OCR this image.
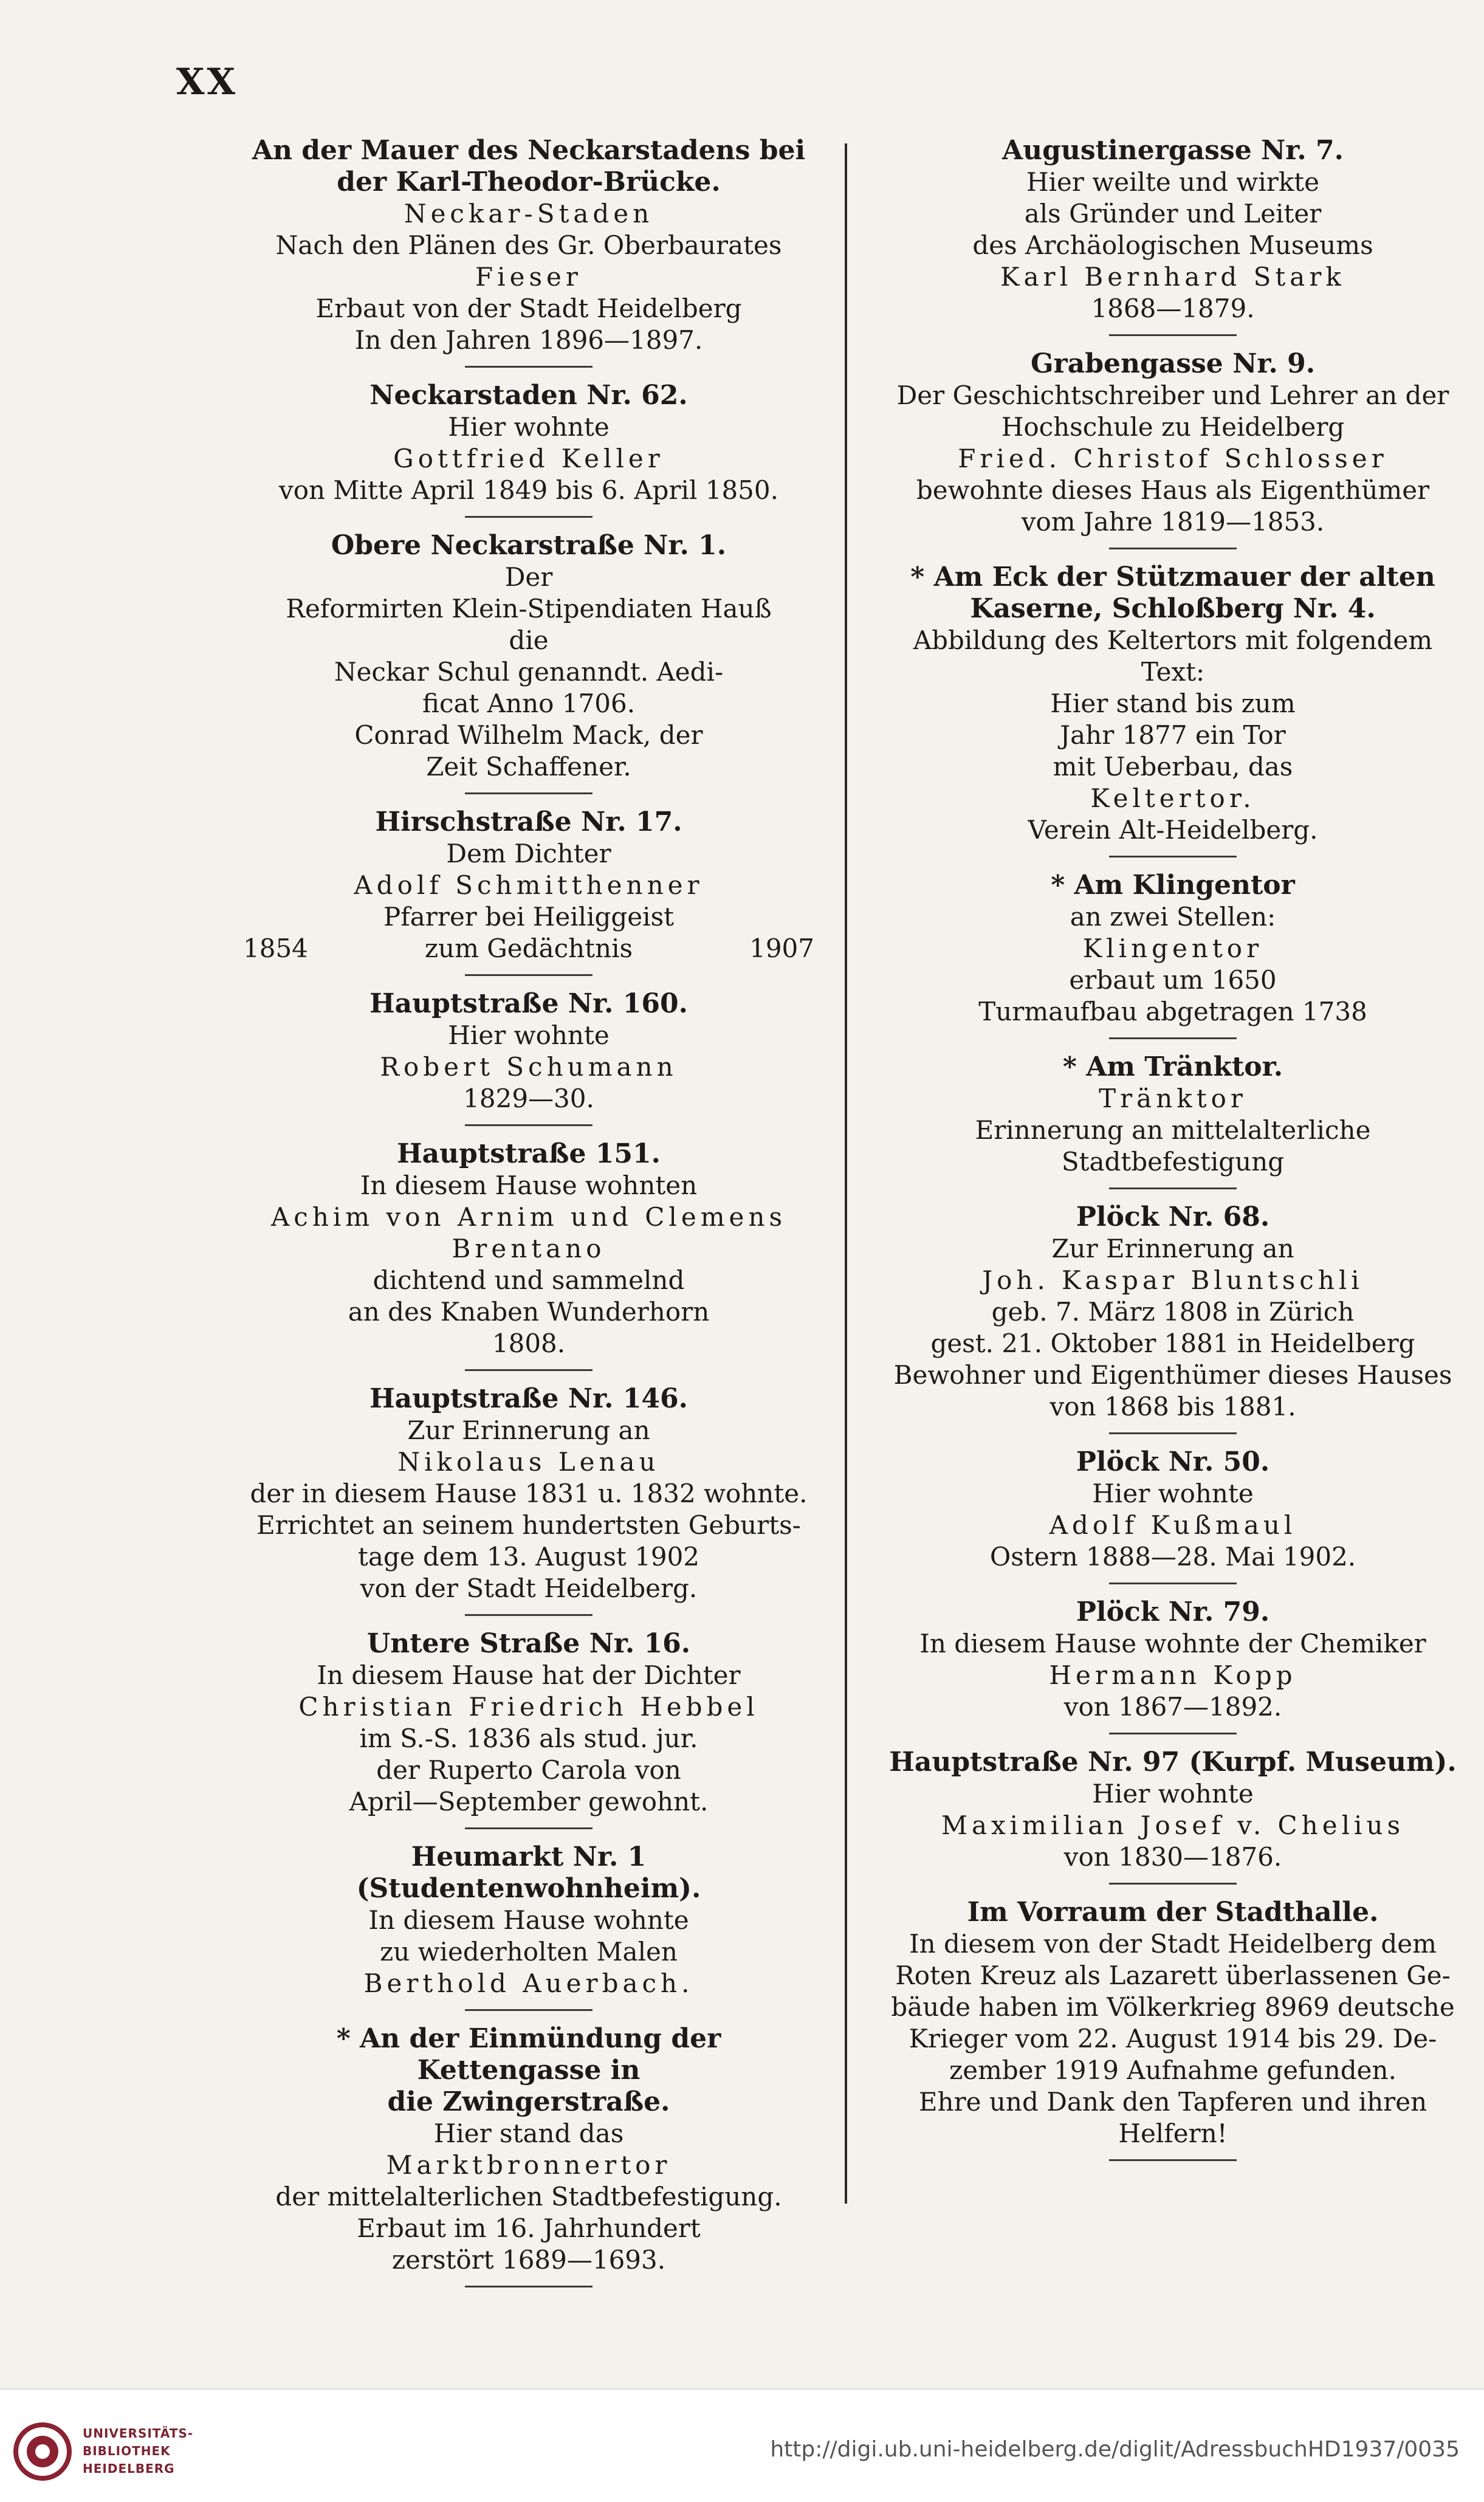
XX

An der Mauer des Neckarstadens bei

der Karl-Theodor-Brücke.

Neckar-Staden

Nach den Plänen des Gr. Oberbaurates

Fieser

Erbaut von der Stadt Heidelberg

In den Jahren 1896—1897.

Neckarstaden Nr. 62.

Hier wohnte

Gottfried Keller

von Mitte April 1849 bis 6. April 1850.

Obere Neckarstraße Nr. 1.

Der

Reformirten Klein-Stipendiaten Hauß

die

Neckar Schul genanndt. Aedi-

ficat Anno 1706.

Conrad Wilhelm Mack, der

Zeit Schaffener.

Hirschstraße Nr. 17.

Dem Dichter

Adolf Schmitthenner

Pfarrer bei Heiliggeist

1854	zum Gedächtnis	1907

Hauptstraße Nr. 160.

Hier wohnte

Robert Schumann

1829—30.

Hauptstraße 151.

In diesem Hause wohnten

Achim von Arnim und Clemens

Brentano

dichtend und sammelnd

an des Knaben Wunderhorn

1808.

Hauptstraße Nr. 146.

Zur Erinnerung an

Nikolaus Lenau

der in diesem Hause 1831 u. 1832 wohnte.

Errichtet an seinem hundertsten Geburts-

tage dem 13. August 1902

von der Stadt Heidelberg.

Untere Straße Nr. 16.

In diesem Hause hat der Dichter

Christian Friedrich Hebbel

im S.-S. 1836 als stud. jur.

der Ruperto Carola von

April—September gewohnt.

Heumarkt Nr. 1 (Studentenwohnheim).

In diesem Hause wohnte

zu wiederholten Malen

Berthold Auerbach.

* An der Einmündung der Kettengasse in

die Zwingerstraße.

Hier stand das

Marktbronnertor

der mittelalterlichen Stadtbefestigung.

Erbaut im 16. Jahrhundert

zerstört 1689—1693.

Augustinergasse Nr. 7.

Hier weilte und wirkte

als Gründer und Leiter

des Archäologischen Museums

Karl Bernhard Stark

1868—1879.

Grabengasse Nr. 9.

Der Geschichtschreiber und Lehrer an der

Hochschule zu Heidelberg

Fried. Christof Schlosser

bewohnte dieses Haus als Eigenthümer

vom Jahre 1819—1853.

* Am Eck der Stützmauer der alten

Kaserne, Schloßberg Nr. 4.

Abbildung des Keltertors mit folgendem

Text:

Hier stand bis zum

Jahr 1877 ein Tor

mit Ueberbau, das

Keltertor.

Verein Alt-Heidelberg.

* Am Klingentor

an zwei Stellen:

Klingentor

erbaut um 1650

Turmaufbau abgetragen 1738

* Am Tränktor.

Tränktor

Erinnerung an mittelalterliche

Stadtbefestigung

Plöck Nr. 68.

Zur Erinnerung an

Joh. Kaspar Bluntschli

geb. 7. März 1808 in Zürich

gest. 21. Oktober 1881 in Heidelberg

Bewohner und Eigenthümer dieses Hauses

von 1868 bis 1881.

Plöck Nr. 50.

Hier wohnte

Adolf Kußmaul

Ostern 1888—28. Mai 1902.

Plöck Nr. 79.

In diesem Hause wohnte der Chemiker

Hermann Kopp

von 1867—1892.

Hauptstraße Nr. 97 (Kurpf. Museum).

Hier wohnte

Maximilian Josef v. Chelius

von 1830—1876.

Im Vorraum der Stadthalle.

In diesem von der Stadt Heidelberg dem

Roten Kreuz als Lazarett überlassenen Ge-

bäude haben im Völkerkrieg 8969 deutsche

Krieger vom 22. August 1914 bis 29. De-

zember 1919 Aufnahme gefunden.

Ehre und Dank den Tapferen und ihren

Helfern!

UNIVERSITÄTS-
BIBLIOTHEK
HEIDELBERG
http://digi.ub.uni-heidelberg.de/diglit/AdressbuchHD1937/0035
